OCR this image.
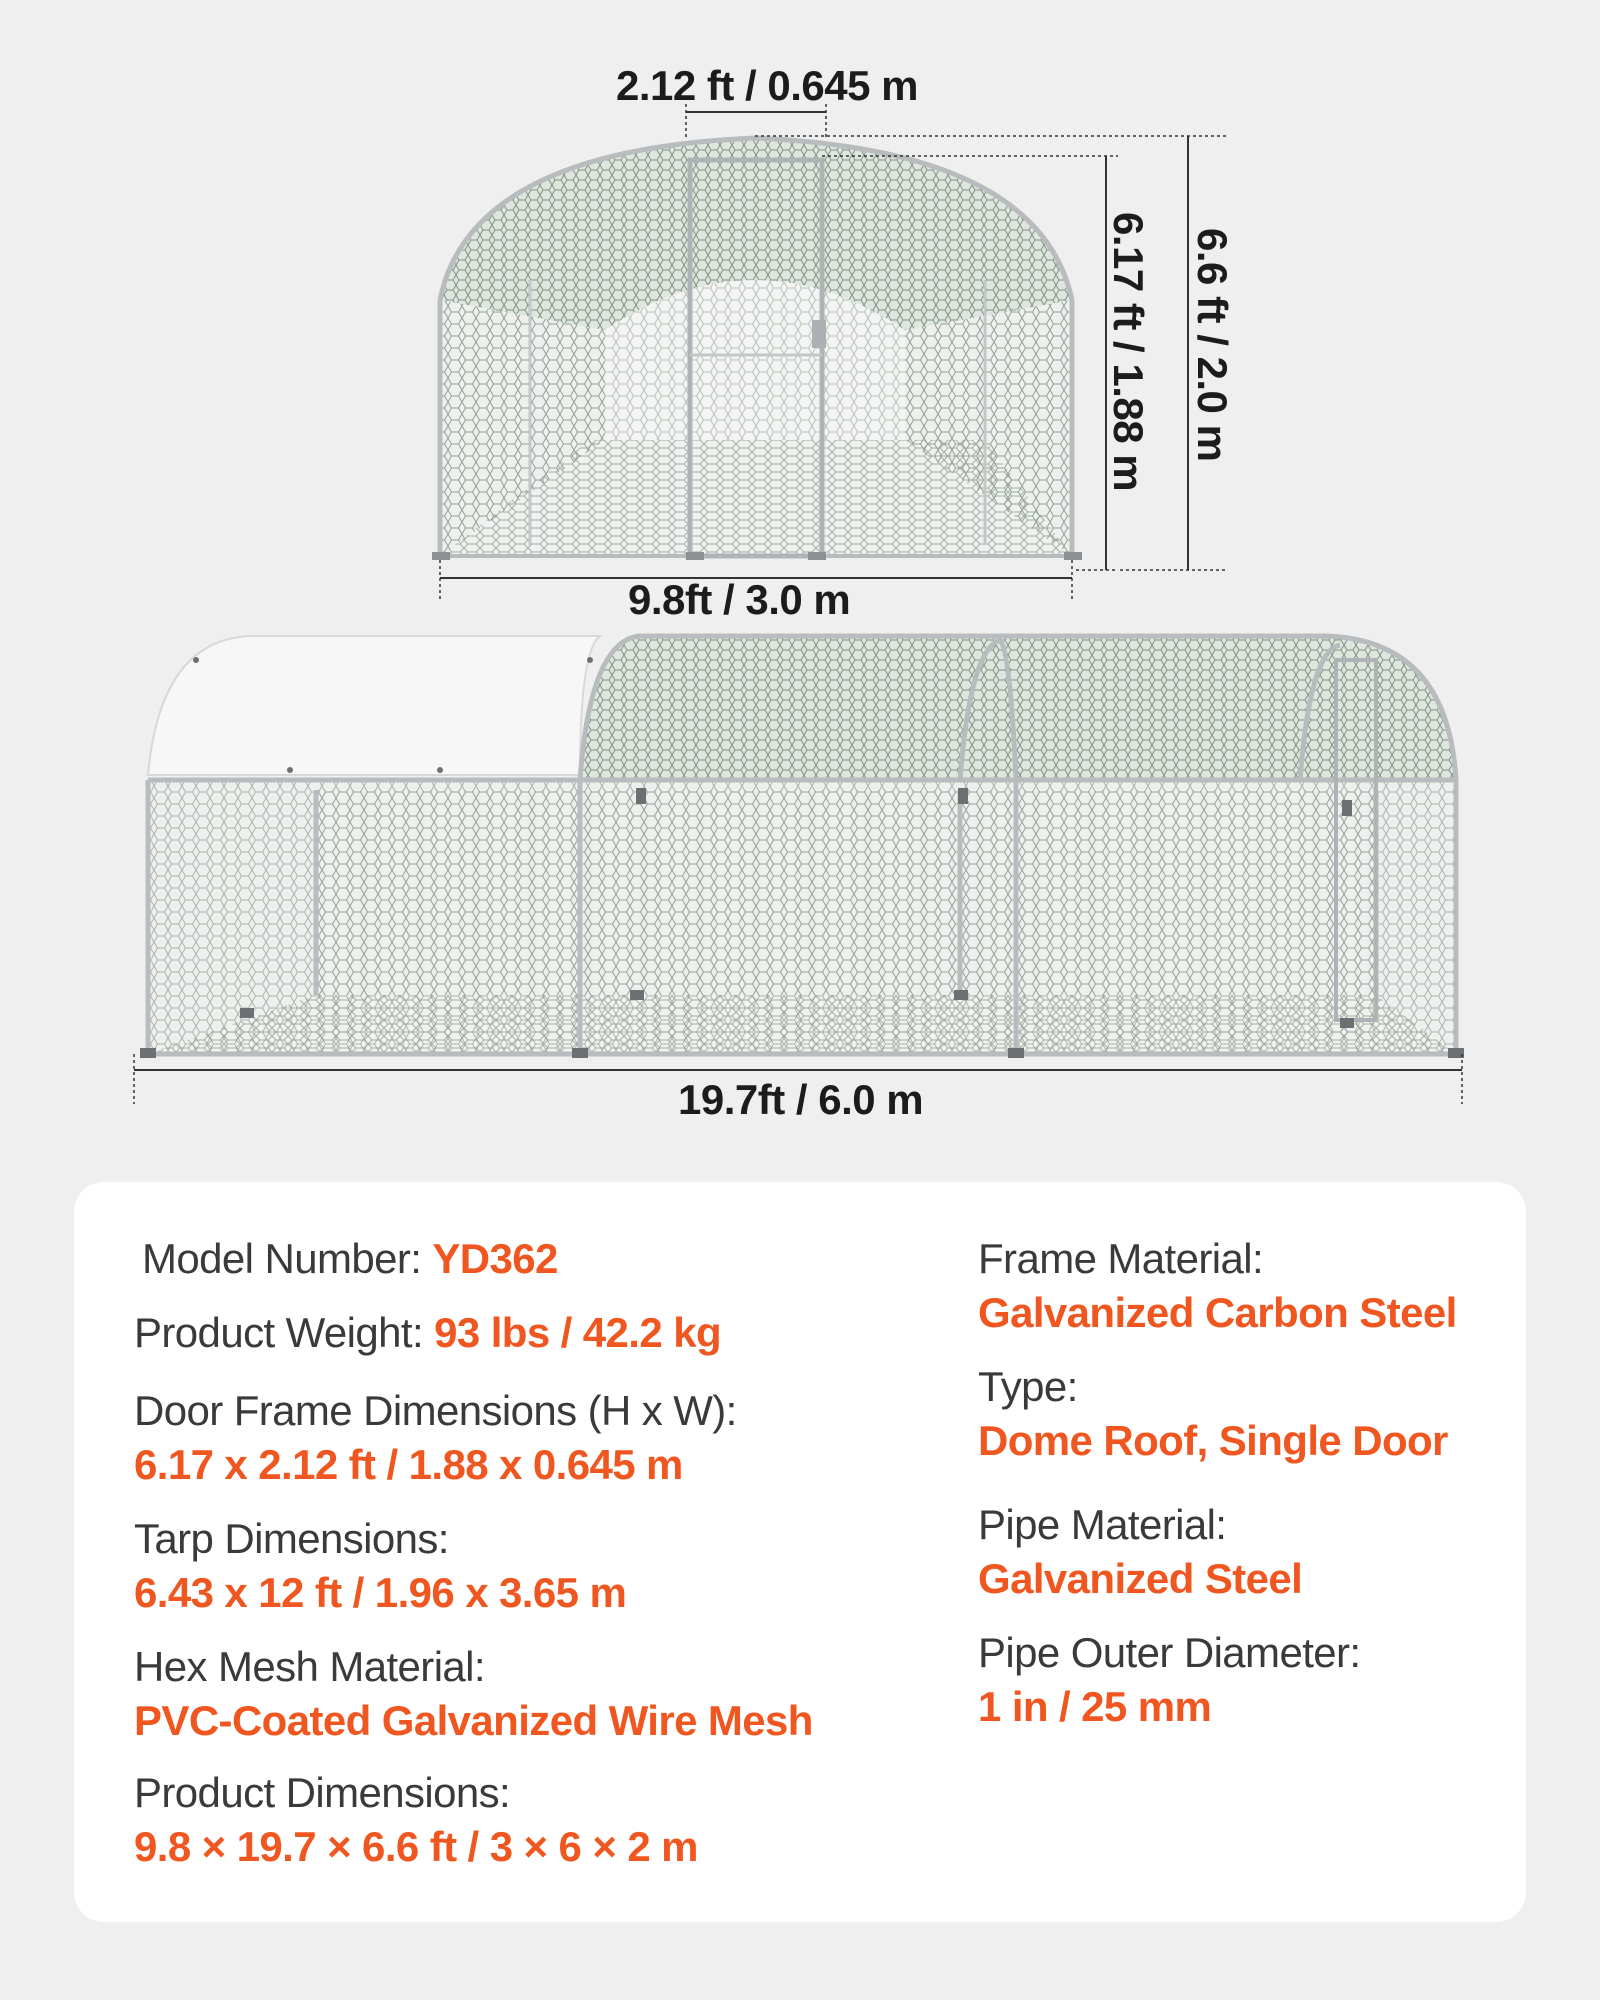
2.12 ft / 0.645 m
9.8ft / 3.0 m
19.7ft / 6.0 m
6.17 ft / 1.88 m 6.6 ft / 2.0 m
Model Number: YD362
Product Weight: 93 lbs / 42.2 kg
Door Frame Dimensions (H x W):
6.17 x 2.12 ft / 1.88 x 0.645 m
Tarp Dimensions:
6.43 x 12 ft / 1.96 x 3.65 m
Hex Mesh Material:
PVC-Coated Galvanized Wire Mesh
Product Dimensions:
9.8 × 19.7 × 6.6 ft / 3 × 6 × 2 m
Frame Material:
Galvanized Carbon Steel
Type:
Dome Roof, Single Door
Pipe Material:
Galvanized Steel
Pipe Outer Diameter:
1 in / 25 mm
